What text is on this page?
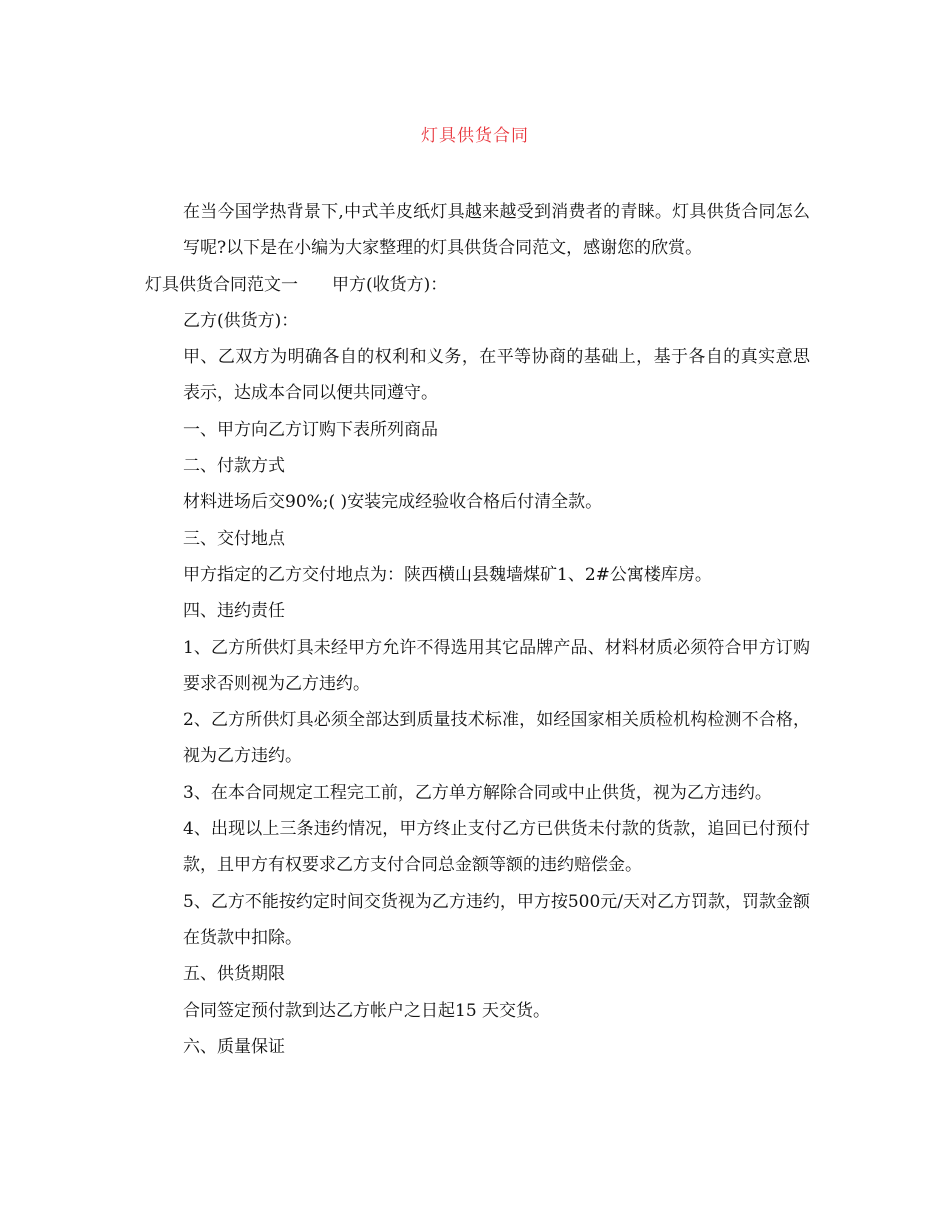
灯具供货合同

在当今国学热背景下,中式羊皮纸灯具越来越受到消费者的青睐。灯具供货合同怎么写呢?以下是在小编为大家整理的灯具供货合同范文，感谢您的欣赏。

灯具供货合同范文一 甲方(收货方)：

乙方(供货方)：

甲、乙双方为明确各自的权利和义务，在平等协商的基础上，基于各自的真实意思表示，达成本合同以便共同遵守。

一、甲方向乙方订购下表所列商品

二、付款方式

材料进场后交90%;( )安装完成经验收合格后付清全款。

三、交付地点

甲方指定的乙方交付地点为：陕西横山县魏墙煤矿1、2#公寓楼库房。

四、违约责任

1、乙方所供灯具未经甲方允许不得选用其它品牌产品、材料材质必须符合甲方订购要求否则视为乙方违约。

2、乙方所供灯具必须全部达到质量技术标准，如经国家相关质检机构检测不合格，视为乙方违约。

3、在本合同规定工程完工前，乙方单方解除合同或中止供货，视为乙方违约。

4、出现以上三条违约情况，甲方终止支付乙方已供货未付款的货款，追回已付预付款，且甲方有权要求乙方支付合同总金额等额的违约赔偿金。

5、乙方不能按约定时间交货视为乙方违约，甲方按500元/天对乙方罚款，罚款金额在货款中扣除。

五、供货期限

合同签定预付款到达乙方帐户之日起15 天交货。

六、质量保证
